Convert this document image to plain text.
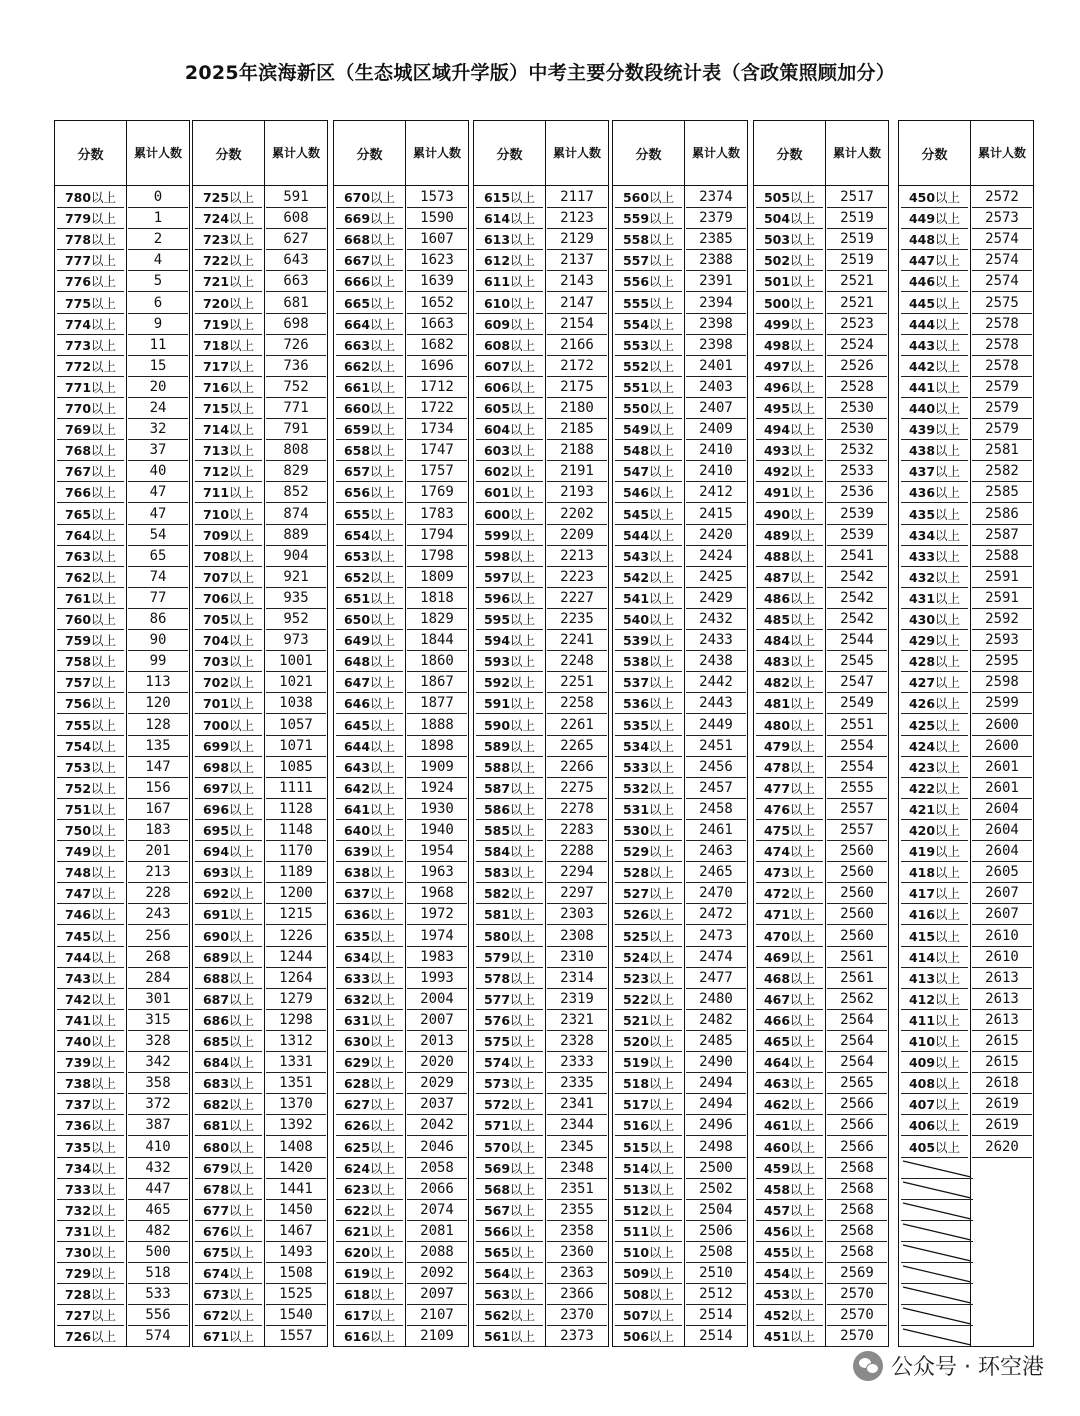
2025年滨海新区（生态城区域升学版）中考主要分数段统计表（含政策照顾加分）
分数	累计 人数
780以上	0
779以上	1
778以上	2
777以上	4
776以上	5
775以上	6
774以上	9
773以上	11
772以上	15
771以上	20
770以上	24
769以上	32
768以上	37
767以上	40
766以上	47
765以上	47
764以上	54
763以上	65
762以上	74
761以上	77
760以上	86
759以上	90
758以上	99
757以上	113
756以上	120
755以上	128
754以上	135
753以上	147
752以上	156
751以上	167
750以上	183
749以上	201
748以上	213
747以上	228
746以上	243
745以上	256
744以上	268
743以上	284
742以上	301
741以上	315
740以上	328
739以上	342
738以上	358
737以上	372
736以上	387
735以上	410
734以上	432
733以上	447
732以上	465
731以上	482
730以上	500
729以上	518
728以上	533
727以上	556
726以上	574
分数	累计 人数
725以上	591
724以上	608
723以上	627
722以上	643
721以上	663
720以上	681
719以上	698
718以上	726
717以上	736
716以上	752
715以上	771
714以上	791
713以上	808
712以上	829
711以上	852
710以上	874
709以上	889
708以上	904
707以上	921
706以上	935
705以上	952
704以上	973
703以上	1001
702以上	1021
701以上	1038
700以上	1057
699以上	1071
698以上	1085
697以上	1111
696以上	1128
695以上	1148
694以上	1170
693以上	1189
692以上	1200
691以上	1215
690以上	1226
689以上	1244
688以上	1264
687以上	1279
686以上	1298
685以上	1312
684以上	1331
683以上	1351
682以上	1370
681以上	1392
680以上	1408
679以上	1420
678以上	1441
677以上	1450
676以上	1467
675以上	1493
674以上	1508
673以上	1525
672以上	1540
671以上	1557
分数	累计 人数
670以上	1573
669以上	1590
668以上	1607
667以上	1623
666以上	1639
665以上	1652
664以上	1663
663以上	1682
662以上	1696
661以上	1712
660以上	1722
659以上	1734
658以上	1747
657以上	1757
656以上	1769
655以上	1783
654以上	1794
653以上	1798
652以上	1809
651以上	1818
650以上	1829
649以上	1844
648以上	1860
647以上	1867
646以上	1877
645以上	1888
644以上	1898
643以上	1909
642以上	1924
641以上	1930
640以上	1940
639以上	1954
638以上	1963
637以上	1968
636以上	1972
635以上	1974
634以上	1983
633以上	1993
632以上	2004
631以上	2007
630以上	2013
629以上	2020
628以上	2029
627以上	2037
626以上	2042
625以上	2046
624以上	2058
623以上	2066
622以上	2074
621以上	2081
620以上	2088
619以上	2092
618以上	2097
617以上	2107
616以上	2109
分数	累计 人数
615以上	2117
614以上	2123
613以上	2129
612以上	2137
611以上	2143
610以上	2147
609以上	2154
608以上	2166
607以上	2172
606以上	2175
605以上	2180
604以上	2185
603以上	2188
602以上	2191
601以上	2193
600以上	2202
599以上	2209
598以上	2213
597以上	2223
596以上	2227
595以上	2235
594以上	2241
593以上	2248
592以上	2251
591以上	2258
590以上	2261
589以上	2265
588以上	2266
587以上	2275
586以上	2278
585以上	2283
584以上	2288
583以上	2294
582以上	2297
581以上	2303
580以上	2308
579以上	2310
578以上	2314
577以上	2319
576以上	2321
575以上	2328
574以上	2333
573以上	2335
572以上	2341
571以上	2344
570以上	2345
569以上	2348
568以上	2351
567以上	2355
566以上	2358
565以上	2360
564以上	2363
563以上	2366
562以上	2370
561以上	2373
分数	累计 人数
560以上	2374
559以上	2379
558以上	2385
557以上	2388
556以上	2391
555以上	2394
554以上	2398
553以上	2398
552以上	2401
551以上	2403
550以上	2407
549以上	2409
548以上	2410
547以上	2410
546以上	2412
545以上	2415
544以上	2420
543以上	2424
542以上	2425
541以上	2429
540以上	2432
539以上	2433
538以上	2438
537以上	2442
536以上	2443
535以上	2449
534以上	2451
533以上	2456
532以上	2457
531以上	2458
530以上	2461
529以上	2463
528以上	2465
527以上	2470
526以上	2472
525以上	2473
524以上	2474
523以上	2477
522以上	2480
521以上	2482
520以上	2485
519以上	2490
518以上	2494
517以上	2494
516以上	2496
515以上	2498
514以上	2500
513以上	2502
512以上	2504
511以上	2506
510以上	2508
509以上	2510
508以上	2512
507以上	2514
506以上	2514
分数	累计 人数
505以上	2517
504以上	2519
503以上	2519
502以上	2519
501以上	2521
500以上	2521
499以上	2523
498以上	2524
497以上	2526
496以上	2528
495以上	2530
494以上	2530
493以上	2532
492以上	2533
491以上	2536
490以上	2539
489以上	2539
488以上	2541
487以上	2542
486以上	2542
485以上	2542
484以上	2544
483以上	2545
482以上	2547
481以上	2549
480以上	2551
479以上	2554
478以上	2554
477以上	2555
476以上	2557
475以上	2557
474以上	2560
473以上	2560
472以上	2560
471以上	2560
470以上	2560
469以上	2561
468以上	2561
467以上	2562
466以上	2564
465以上	2564
464以上	2564
463以上	2565
462以上	2566
461以上	2566
460以上	2566
459以上	2568
458以上	2568
457以上	2568
456以上	2568
455以上	2568
454以上	2569
453以上	2570
452以上	2570
451以上	2570
分数	累计 人数
450以上	2572
449以上	2573
448以上	2574
447以上	2574
446以上	2574
445以上	2575
444以上	2578
443以上	2578
442以上	2578
441以上	2579
440以上	2579
439以上	2579
438以上	2581
437以上	2582
436以上	2585
435以上	2586
434以上	2587
433以上	2588
432以上	2591
431以上	2591
430以上	2592
429以上	2593
428以上	2595
427以上	2598
426以上	2599
425以上	2600
424以上	2600
423以上	2601
422以上	2601
421以上	2604
420以上	2604
419以上	2604
418以上	2605
417以上	2607
416以上	2607
415以上	2610
414以上	2610
413以上	2613
412以上	2613
411以上	2613
410以上	2615
409以上	2615
408以上	2618
407以上	2619
406以上	2619
405以上	2620
公众号 · 环空港
